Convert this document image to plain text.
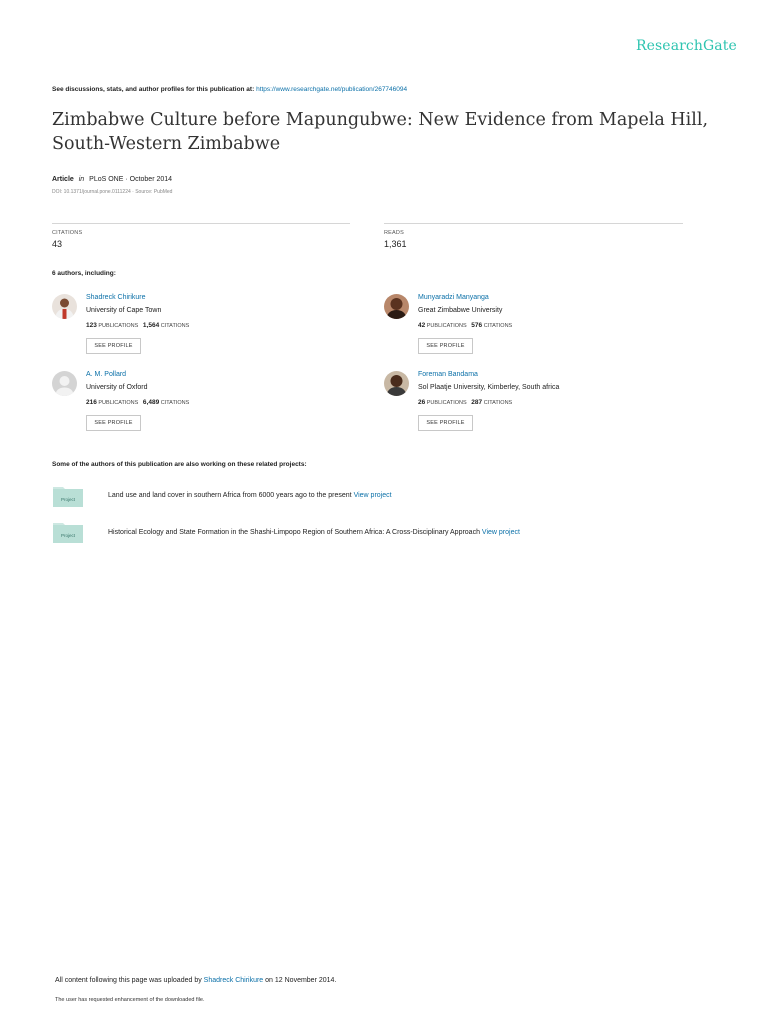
ResearchGate
See discussions, stats, and author profiles for this publication at: https://www.researchgate.net/publication/267746094
Zimbabwe Culture before Mapungubwe: New Evidence from Mapela Hill, South-Western Zimbabwe
Article in PLoS ONE · October 2014
DOI: 10.1371/journal.pone.0111224 · Source: PubMed
CITATIONS
43
READS
1,361
6 authors, including:
Shadreck Chirikure
University of Cape Town
123 PUBLICATIONS 1,564 CITATIONS
SEE PROFILE
Munyaradzi Manyanga
Great Zimbabwe University
42 PUBLICATIONS 576 CITATIONS
SEE PROFILE
A. M. Pollard
University of Oxford
216 PUBLICATIONS 6,489 CITATIONS
SEE PROFILE
Foreman Bandama
Sol Plaatje University, Kimberley, South africa
26 PUBLICATIONS 287 CITATIONS
SEE PROFILE
Some of the authors of this publication are also working on these related projects:
Project
Land use and land cover in southern Africa from 6000 years ago to the present View project
Project	Historical Ecology and State Formation in the Shashi-Limpopo Region of Southern Africa: A Cross-Disciplinary Approach View project
All content following this page was uploaded by Shadreck Chirikure on 12 November 2014.
The user has requested enhancement of the downloaded file.
